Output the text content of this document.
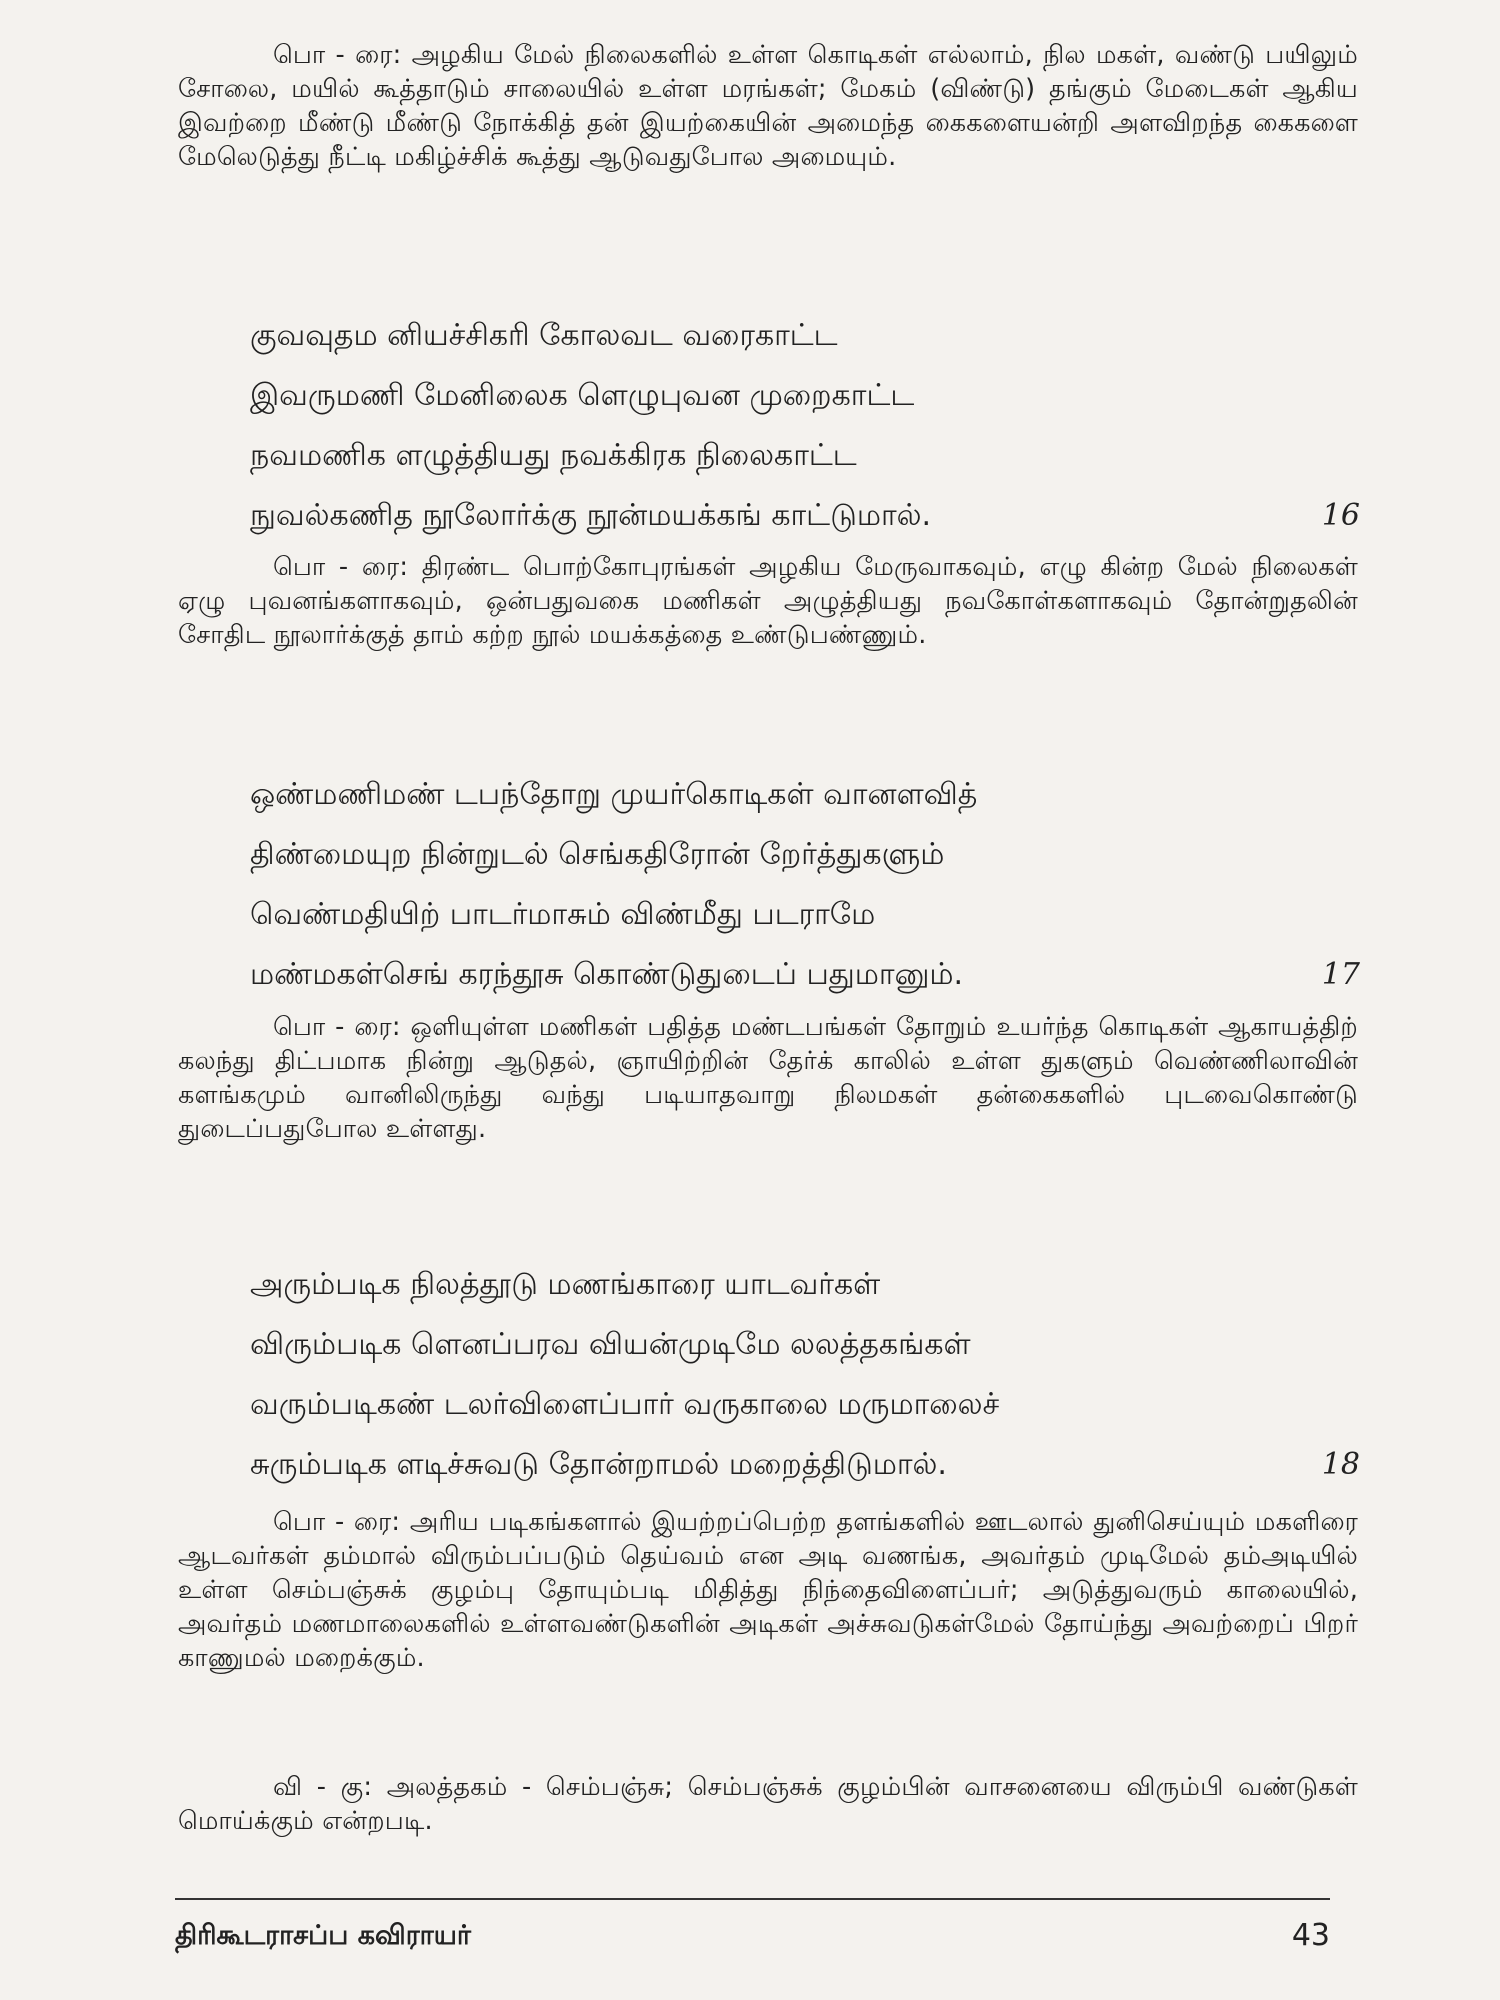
பொ - ரை: அழகிய மேல் நிலைகளில் உள்ள கொடிகள் எல்லாம், நில மகள், வண்டு பயிலும் சோலை, மயில் கூத்தாடும் சாலையில் உள்ள மரங்கள்; மேகம் (விண்டு) தங்கும் மேடைகள் ஆகிய இவற்றை மீண்டு மீண்டு நோக்கித் தன் இயற்கையின் அமைந்த கைகளையன்றி அளவிறந்த கைகளை மேலெடுத்து நீட்டி மகிழ்ச்சிக் கூத்து ஆடுவதுபோல அமையும்.

குவவுதம னியச்சிகரி கோலவட வரைகாட்ட
இவருமணி மேனிலைக ளெழுபுவன முறைகாட்ட
நவமணிக ளழுத்தியது நவக்கிரக நிலைகாட்ட
நுவல்கணித நூலோர்க்கு நூன்மயக்கங் காட்டுமால்.	16

பொ - ரை: திரண்ட பொற்கோபுரங்கள் அழகிய மேருவாகவும், எழு கின்ற மேல் நிலைகள் ஏழு புவனங்களாகவும், ஒன்பதுவகை மணிகள் அழுத்தியது நவகோள்களாகவும் தோன்றுதலின் சோதிட நூலார்க்குத் தாம் கற்ற நூல் மயக்கத்தை உண்டுபண்ணும்.

ஒண்மணிமண் டபந்தோறு முயர்கொடிகள் வானளவித்
திண்மையுற நின்றுடல் செங்கதிரோன் றேர்த்துகளும்
வெண்மதியிற் பாடர்மாசும் விண்மீது படராமே
மண்மகள்செங் கரந்தூசு கொண்டுதுடைப் பதுமானும்.	17

பொ - ரை: ஒளியுள்ள மணிகள் பதித்த மண்டபங்கள் தோறும் உயர்ந்த கொடிகள் ஆகாயத்திற் கலந்து திட்பமாக நின்று ஆடுதல், ஞாயிற்றின் தேர்க் காலில் உள்ள துகளும் வெண்ணிலாவின் களங்கமும் வானிலிருந்து வந்து படியாதவாறு நிலமகள் தன்கைகளில் புடவைகொண்டு துடைப்பதுபோல உள்ளது.

அரும்படிக நிலத்தூடு மணங்காரை யாடவர்கள்
விரும்படிக ளெனப்பரவ வியன்முடிமே லலத்தகங்கள்
வரும்படிகண் டலர்விளைப்பார் வருகாலை மருமாலைச்
சுரும்படிக ளடிச்சுவடு தோன்றாமல் மறைத்திடுமால்.	18

பொ - ரை: அரிய படிகங்களால் இயற்றப்பெற்ற தளங்களில் ஊடலால் துனிசெய்யும் மகளிரை ஆடவர்கள் தம்மால் விரும்பப்படும் தெய்வம் என அடி வணங்க, அவர்தம் முடிமேல் தம்அடியில் உள்ள செம்பஞ்சுக் குழம்பு தோயும்படி மிதித்து நிந்தைவிளைப்பர்; அடுத்துவரும் காலையில், அவர்தம் மணமாலைகளில் உள்ளவண்டுகளின் அடிகள் அச்சுவடுகள்மேல் தோய்ந்து அவற்றைப் பிறர் காணுமல் மறைக்கும்.

வி - கு: அலத்தகம் - செம்பஞ்சு; செம்பஞ்சுக் குழம்பின் வாசனையை விரும்பி வண்டுகள் மொய்க்கும் என்றபடி.

திரிகூடராசப்ப கவிராயர்	43
